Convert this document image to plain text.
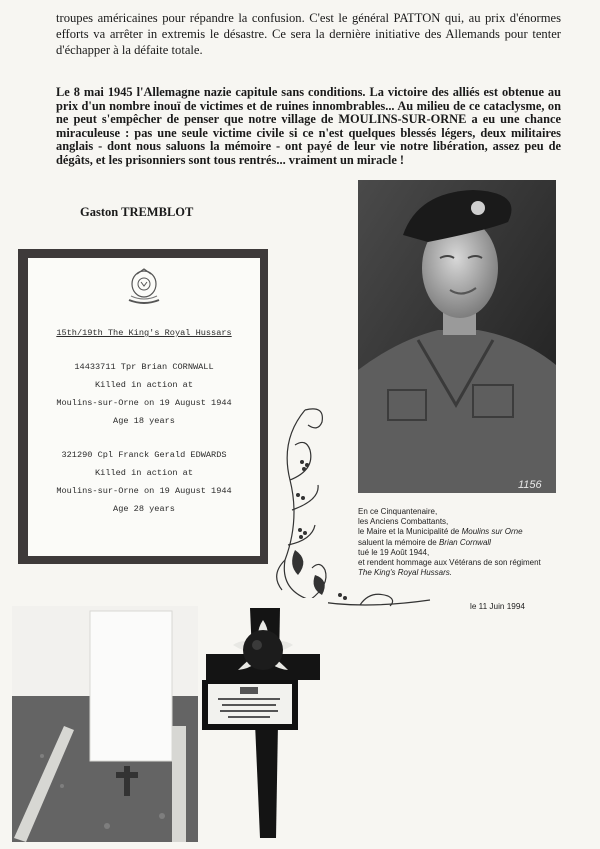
troupes américaines pour répandre la confusion. C'est le général PATTON qui, au prix d'énormes efforts va arrêter in extremis le désastre. Ce sera la dernière initiative des Allemands pour tenter d'échapper à la défaite totale.
Le 8 mai 1945 l'Allemagne nazie capitule sans conditions. La victoire des alliés est obtenue au prix d'un nombre inouï de victimes et de ruines innombrables... Au milieu de ce cataclysme, on ne peut s'empêcher de penser que notre village de MOULINS-SUR-ORNE a eu une chance miraculeuse : pas une seule victime civile si ce n'est quelques blessés légers, deux militaires anglais - dont nous saluons la mémoire - ont payé de leur vie notre libération, assez peu de dégâts, et les prisonniers sont tous rentrés... vraiment un miracle !
Gaston TREMBLOT
15th/19th The King's Royal Hussars
14433711 Tpr Brian CORNWALL
Killed in action at
Moulins-sur-Orne on 19 August 1944
Age 18 years
321290 Cpl Franck Gerald EDWARDS
Killed in action at
Moulins-sur-Orne on 19 August 1944
Age 28 years
1156
En ce Cinquantenaire,
les Anciens Combattants,
le Maire et la Municipalité de Moulins sur Orne
saluent la mémoire de Brian Cornwall
tué le 19 Août 1944,
et rendent hommage aux Vétérans de son régiment
The King's Royal Hussars.
le 11 Juin 1994
